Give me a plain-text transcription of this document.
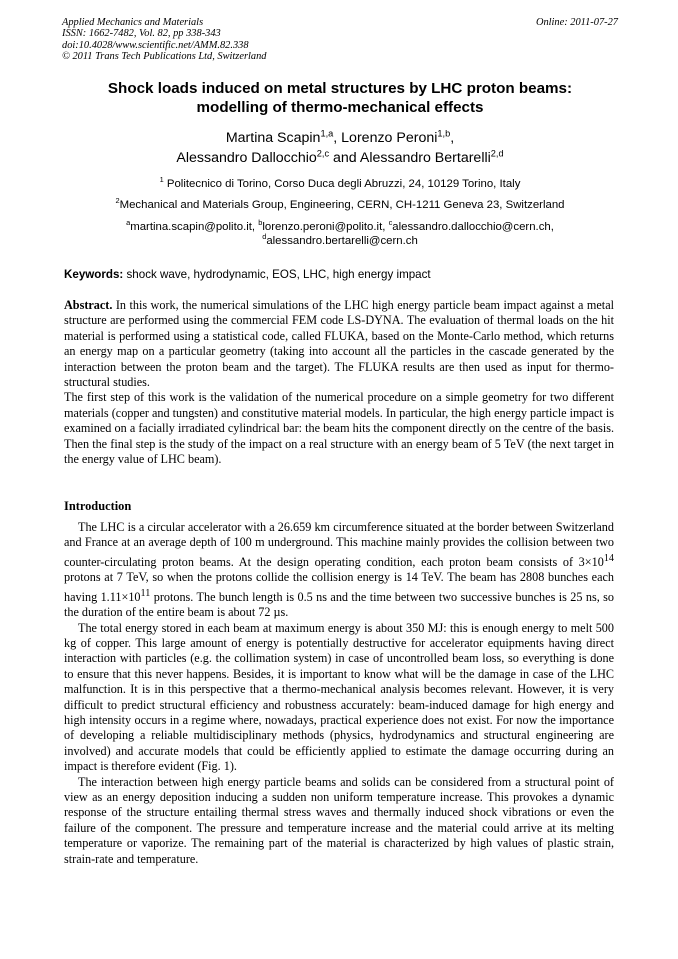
Applied Mechanics and Materials
ISSN: 1662-7482, Vol. 82, pp 338-343
doi:10.4028/www.scientific.net/AMM.82.338
© 2011 Trans Tech Publications Ltd, Switzerland
Online: 2011-07-27
Shock loads induced on metal structures by LHC proton beams:
modelling of thermo-mechanical effects
Martina Scapin$^{1,a}$, Lorenzo Peroni$^{1,b}$,
Alessandro Dallocchio$^{2,c}$ and Alessandro Bertarelli$^{2,d}$
$^1$ Politecnico di Torino, Corso Duca degli Abruzzi, 24, 10129 Torino, Italy
$^2$Mechanical and Materials Group, Engineering, CERN, CH-1211 Geneva 23, Switzerland
$^a$martina.scapin@polito.it, $^b$lorenzo.peroni@polito.it, $^c$alessandro.dallocchio@cern.ch,
$^d$alessandro.bertarelli@cern.ch
Keywords: shock wave, hydrodynamic, EOS, LHC, high energy impact

Abstract. In this work, the numerical simulations of the LHC high energy particle beam impact against a metal structure are performed using the commercial FEM code LS-DYNA. The evaluation of thermal loads on the hit material is performed using a statistical code, called FLUKA, based on the Monte-Carlo method, which returns an energy map on a particular geometry (taking into account all the particles in the cascade generated by the interaction between the proton beam and the target). The FLUKA results are then used as input for thermo-structural studies.

The first step of this work is the validation of the numerical procedure on a simple geometry for two different materials (copper and tungsten) and constitutive material models. In particular, the high energy particle impact is examined on a facially irradiated cylindrical bar: the beam hits the component directly on the centre of the basis. Then the final step is the study of the impact on a real structure with an energy beam of 5 TeV (the next target in the energy value of LHC beam).

Introduction

The LHC is a circular accelerator with a 26.659 km circumference situated at the border between Switzerland and France at an average depth of 100 m underground. This machine mainly provides the collision between two counter-circulating proton beams. At the design operating condition, each proton beam consists of $3\times 10^{14}$ protons at 7 TeV, so when the protons collide the collision energy is 14 TeV. The beam has 2808 bunches each having $1.11\times 10^{11}$ protons. The bunch length is 0.5 ns and the time between two successive bunches is 25 ns, so the duration of the entire beam is about 72 µs.

The total energy stored in each beam at maximum energy is about 350 MJ: this is enough energy to melt 500 kg of copper. This large amount of energy is potentially destructive for accelerator equipments having direct interaction with particles (e.g. the collimation system) in case of uncontrolled beam loss, so everything is done to ensure that this never happens. Besides, it is important to know what will be the damage in case of the LHC malfunction. It is in this perspective that a thermo-mechanical analysis becomes relevant. However, it is very difficult to predict structural efficiency and robustness accurately: beam-induced damage for high energy and high intensity occurs in a regime where, nowadays, practical experience does not exist. For now the importance of developing a reliable multidisciplinary methods (physics, hydrodynamics and structural engineering are involved) and accurate models that could be efficiently applied to estimate the damage occurring during an impact is therefore evident (Fig. 1).

The interaction between high energy particle beams and solids can be considered from a structural point of view as an energy deposition inducing a sudden non uniform temperature increase. This provokes a dynamic response of the structure entailing thermal stress waves and thermally induced shock vibrations or even the failure of the component. The pressure and temperature increase and the material could arrive at its melting temperature or vaporize. The remaining part of the material is characterized by high values of plastic strain, strain-rate and temperature.
